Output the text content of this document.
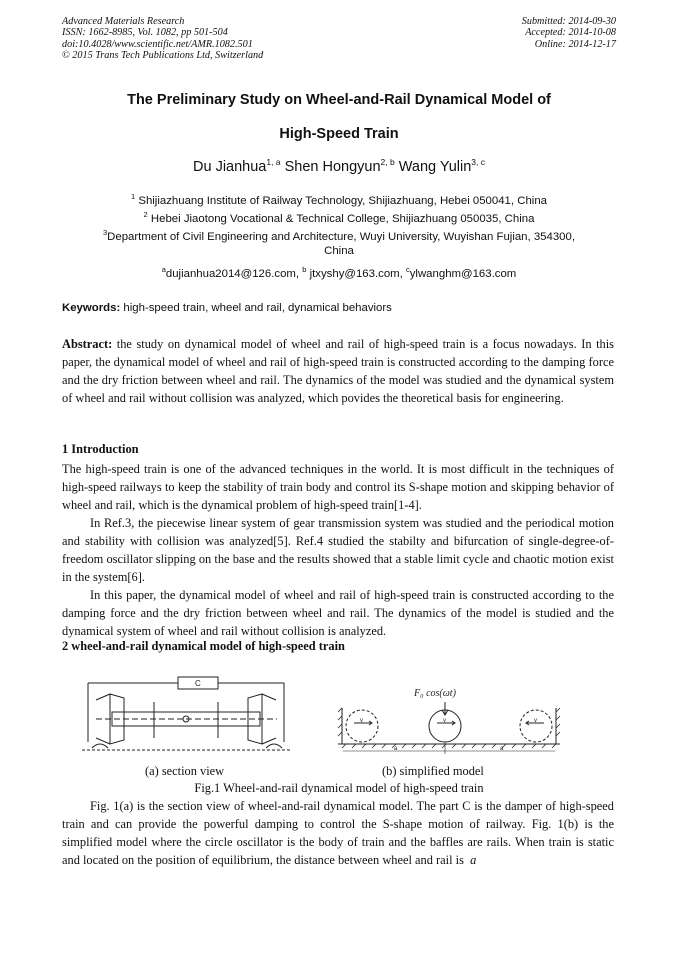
Advanced Materials Research
ISSN: 1662-8985, Vol. 1082, pp 501-504
doi:10.4028/www.scientific.net/AMR.1082.501
© 2015 Trans Tech Publications Ltd, Switzerland
Submitted: 2014-09-30
Accepted: 2014-10-08
Online: 2014-12-17
The Preliminary Study on Wheel-and-Rail Dynamical Model of
High-Speed Train
Du Jianhua$^{1, a}$ Shen Hongyun$^{2, b}$ Wang Yulin$^{3, c}$
$^1$ Shijiazhuang Institute of Railway Technology, Shijiazhuang, Hebei 050041, China
$^2$ Hebei Jiaotong Vocational & Technical College, Shijiazhuang 050035, China
$^3$Department of Civil Engineering and Architecture, Wuyi University, Wuyishan Fujian, 354300,
China
$^a$dujianhua2014@126.com, $^b$ jtxyshy@163.com, $^c$ylwanghm@163.com
Keywords: high-speed train, wheel and rail, dynamical behaviors
Abstract: the study on dynamical model of wheel and rail of high-speed train is a focus nowadays. In this paper, the dynamical model of wheel and rail of high-speed train is constructed according to the damping force and the dry friction between wheel and rail. The dynamics of the model was studied and the dynamical system of wheel and rail without collision was analyzed, which povides the theoretical basis for engineering.
1 Introduction
The high-speed train is one of the advanced techniques in the world. It is most difficult in the techniques of high-speed railways to keep the stability of train body and control its S-shape motion and skipping behavior of wheel and rail, which is the dynamical problem of high-speed train[1-4].
In Ref.3, the piecewise linear system of gear transmission system was studied and the periodical motion and stability with collision was analyzed[5]. Ref.4 studied the stabilty and bifurcation of single-degree-of-freedom oscillator slipping on the base and the results showed that a stable limit cycle and chaotic motion exist in the system[6].
In this paper, the dynamical model of wheel and rail of high-speed train is constructed according to the damping force and the dry friction between wheel and rail. The dynamics of the model is studied and the dynamical system of wheel and rail without collision is analyzed.
2 wheel-and-rail dynamical model of high-speed train
C
F₀ cos(ωt)
v	v	v
a	a
(a) section view	(b) simplified model
Fig.1 Wheel-and-rail dynamical model of high-speed train
Fig. 1(a) is the section view of wheel-and-rail dynamical model. The part C is the damper of high-speed train and can provide the powerful damping to control the S-shape motion of railway. Fig. 1(b) is the simplified model where the circle oscillator is the body of train and the baffles are rails. When train is static and located on the position of equilibrium, the distance between wheel and rail is a
